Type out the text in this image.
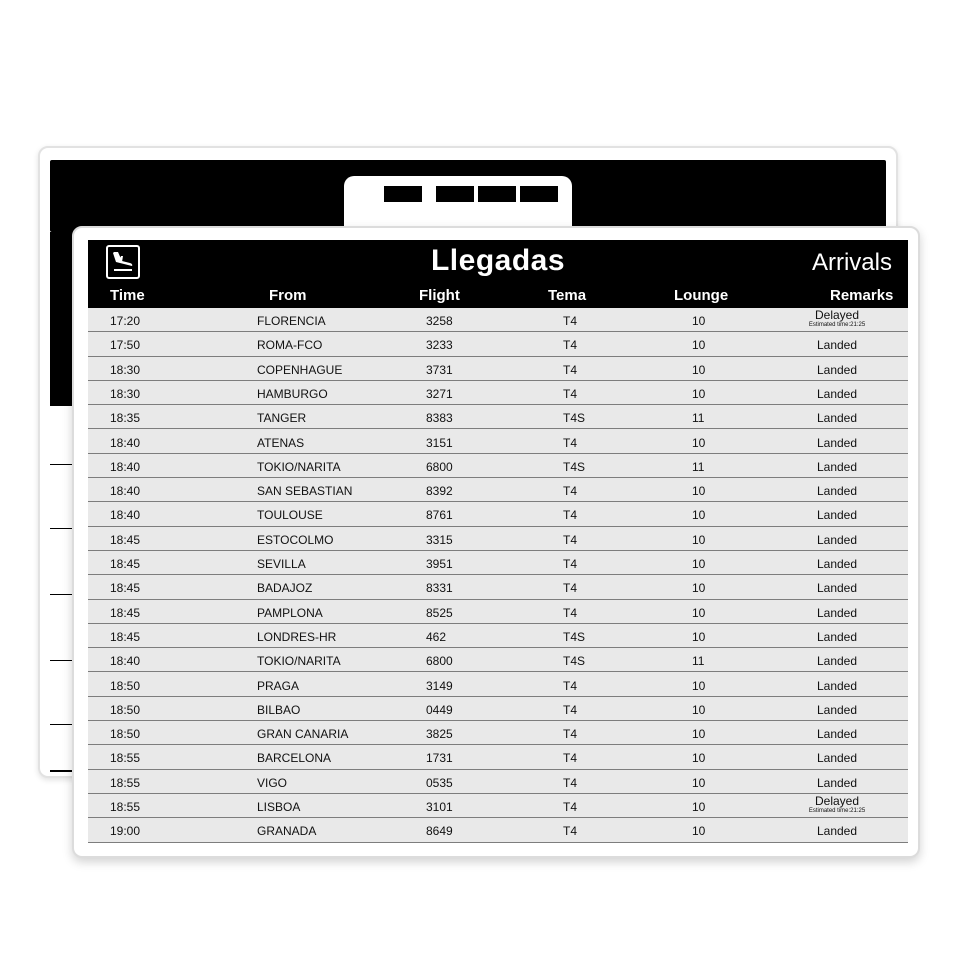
Llegadas	Arrivals
Time	From	Flight	Tema	Lounge	Remarks
17:20	FLORENCIA	3258	T4	10	Delayed
Estimated time:21:25
17:50	ROMA-FCO	3233	T4	10	Landed
18:30	COPENHAGUE	3731	T4	10	Landed
18:30	HAMBURGO	3271	T4	10	Landed
18:35	TANGER	8383	T4S	11	Landed
18:40	ATENAS	3151	T4	10	Landed
18:40	TOKIO/NARITA	6800	T4S	11	Landed
18:40	SAN SEBASTIAN	8392	T4	10	Landed
18:40	TOULOUSE	8761	T4	10	Landed
18:45	ESTOCOLMO	3315	T4	10	Landed
18:45	SEVILLA	3951	T4	10	Landed
18:45	BADAJOZ	8331	T4	10	Landed
18:45	PAMPLONA	8525	T4	10	Landed
18:45	LONDRES-HR	462	T4S	10	Landed
18:40	TOKIO/NARITA	6800	T4S	11	Landed
18:50	PRAGA	3149	T4	10	Landed
18:50	BILBAO	0449	T4	10	Landed
18:50	GRAN CANARIA	3825	T4	10	Landed
18:55	BARCELONA	1731	T4	10	Landed
18:55	VIGO	0535	T4	10	Landed
18:55	LISBOA	3101	T4	10	Delayed
Estimated time:21:25
19:00	GRANADA	8649	T4	10	Landed
